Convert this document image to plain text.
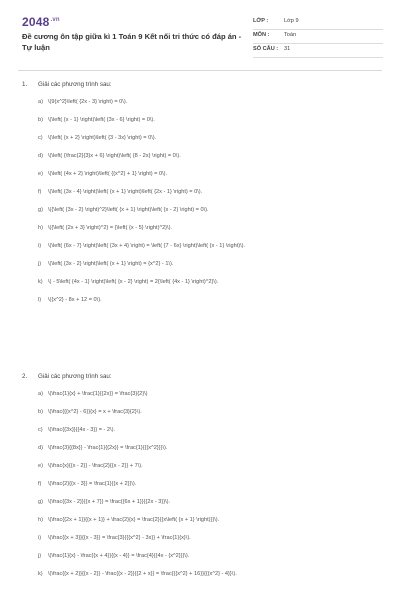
$2048^{.vn}$
Đề cương ôn tập giữa kì 1 Toán 9 Kết nối tri thức có đáp án - Tự luận
LỚP :	Lớp 9
MÔN :	Toán
SỐ CÂU : 31
1. Giải các phương trình sau:
a) \(9{x^2}\left( {2x - 3} \right) = 0\).
b) \(\left( {x - 1} \right)\left( {3x - 6} \right) = 0\).
c) \(\left( {x + 2} \right)\left( {3 - 3x} \right) = 0\).
d) \(\left( {\frac{2}{3}x + 6} \right)\left( {8 - 2x} \right) = 0\).
e) \(\left( {4x + 2} \right)\left( {{x^2} + 1} \right) = 0\).
f) \(\left( {3x - 4} \right)\left( {x + 1} \right)\left( {2x - 1} \right) = 0\).
g) \({\left( {3x - 2} \right)^2}\left( {x + 1} \right)\left( {x - 2} \right) = 0\).
h) \({\left( {2x + 3} \right)^2} = {\left( {x - 5} \right)^2}\).
i) \(\left( {6x - 7} \right)\left( {3x + 4} \right) = \left( {7 - 6x} \right)\left( {x - 1} \right)\).
j) \(\left( {3x - 2} \right)\left( {x + 1} \right) = {x^2} - 1\).
k) \( - 5\left( {4x - 1} \right)\left( {x - 2} \right) = 2{\left( {4x - 1} \right)^2}\).
l) \({x^2} - 8x + 12 = 0\).
2. Giải các phương trình sau:
a) \(\frac{1}{x} + \frac{1}{{2x}} = \frac{3}{2}\)
b) \(\frac{{{x^2} - 6}}{x} = x + \frac{3}{2}\).
c) \(\frac{{3x}}{{4x - 3}} = - 2\).
d) \(\frac{3}{{8x}} - \frac{1}{{2x}} = \frac{1}{{{x^2}}}\).
e) \(\frac{x}{{x - 2}} - \frac{2}{{x - 2}} + 7\).
f) \(\frac{2}{{x - 3}} = \frac{1}{{x + 2}}\).
g) \(\frac{{3x - 2}}{{x + 7}} = \frac{{6x + 1}}{{2x - 3}}\).
h) \(\frac{{2x + 1}}{{x + 1}} + \frac{2}{x} = \frac{2}{{x\left( {x + 1} \right)}}\).
i) \(\frac{{x + 3}}{{x - 3}} = \frac{3}{{{x^2} - 3x}} + \frac{1}{x}\).
j) \(\frac{1}{x} - \frac{{x + 4}}{{x - 4}} = \frac{4}{{4x - {x^2}}}\).
k) \(\frac{{x + 2}}{{x - 2}} - \frac{{x - 2}}{{2 + x}} = \frac{{{x^2} + 16}}{{{x^2} - 4}}\).
